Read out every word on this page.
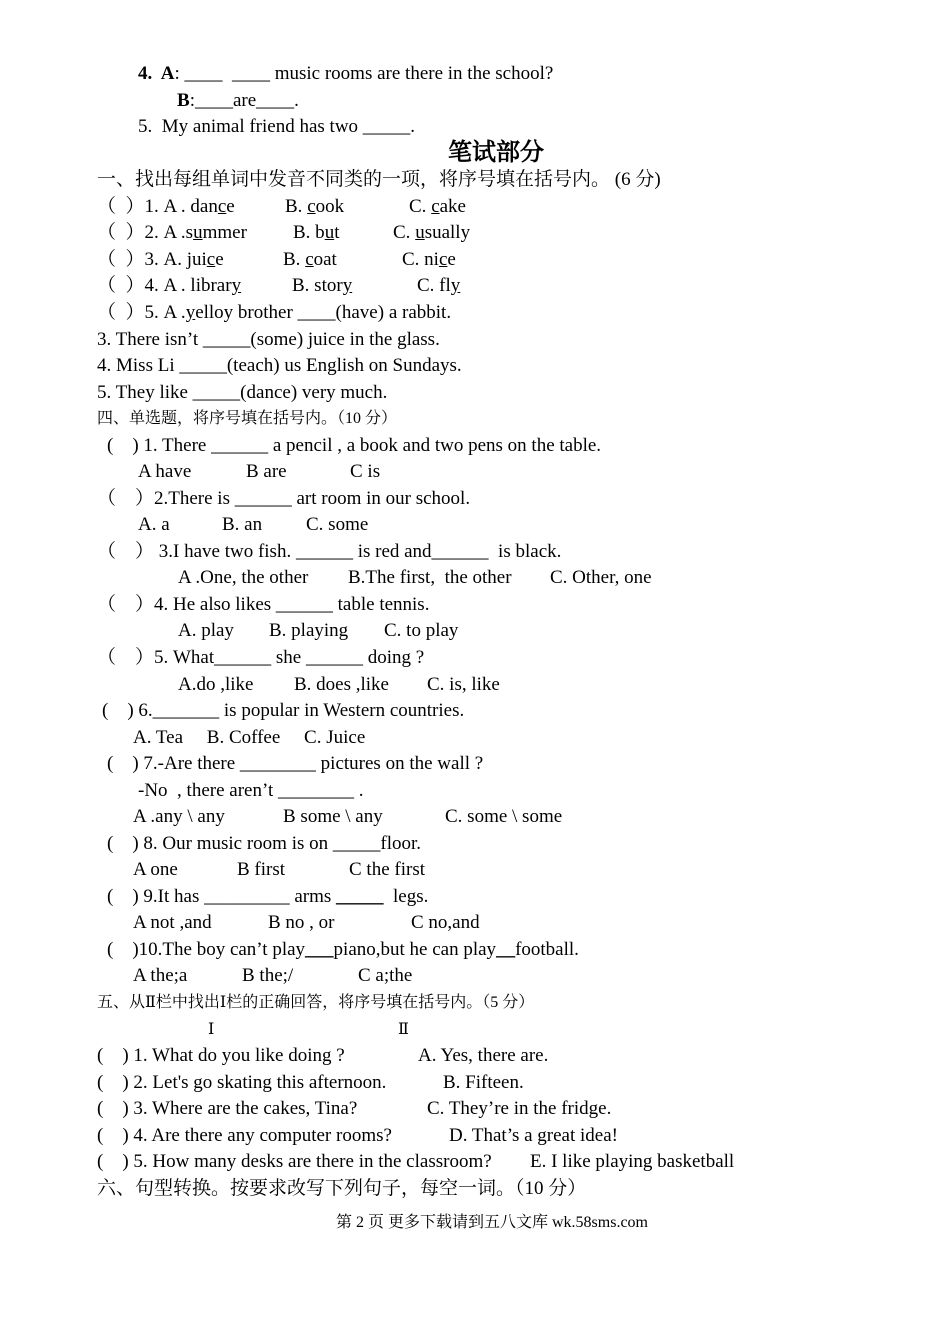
4.  A: ____  ____ music rooms are there in the school?
B:____are____.
5.  My animal friend has two _____.
笔试部分
一、找出每组单词中发音不同类的一项，将序号填在括号内。 (6 分)
（  ）1. A . dance	B. cook	C. cake
（  ）2. A .summer B. but	C. usually
（  ）3. A. juice	B. coat	C. nice
（  ）4. A . library	B. story	C. fly
（  ）5. A .yelloy brother ____(have) a rabbit.
3. There isn’t _____(some) juice in the glass.
4. Miss Li _____(teach) us English on Sundays.
5. They like _____(dance) very much.
四、单选题，将序号填在括号内。（10 分）
(    ) 1. There ______ a pencil , a book and two pens on the table.
A have	B are	C is
（    ）2.There is ______ art room in our school.
A. a	B. an C. some
（    ） 3.I have two fish. ______ is red and______  is black.
A .One, the other B.The first,  the other C. Other, one
（    ）4. He also likes ______ table tennis.
A. play B. playing C. to play
（    ）5. What______ she ______ doing ?
A.do ,like B. does ,like C. is, like
(    ) 6._______ is popular in Western countries.
A. Tea     B. Coffee     C. Juice
(    ) 7.-Are there ________ pictures on the wall ?
-No  , there aren’t ________ .
A .any \ any	B some \ any	C. some \ some
(    ) 8. Our music room is on _____floor.
A one	B first	C the first
(    ) 9.It has _________ arms _____  legs.
A not ,and	B no , or	C no,and
(    )10.The boy can’t play___piano,but he can play__football.
A the;a	B the;/	C a;the
五、从Ⅱ栏中找出Ⅰ栏的正确回答，将序号填在括号内。（5 分）
Ⅰ	Ⅱ
(    ) 1. What do you like doing ?	A. Yes, there are.
(    ) 2. Let's go skating this afternoon.	B. Fifteen.
(    ) 3. Where are the cakes, Tina?	C. They’re in the fridge.
(    ) 4. Are there any computer rooms?	D. That’s a great idea!
(    ) 5. How many desks are there in the classroom? E. I like playing basketball
六、句型转换。按要求改写下列句子，每空一词。（10 分）
第 2 页 更多下载请到五八文库 wk.58sms.com
